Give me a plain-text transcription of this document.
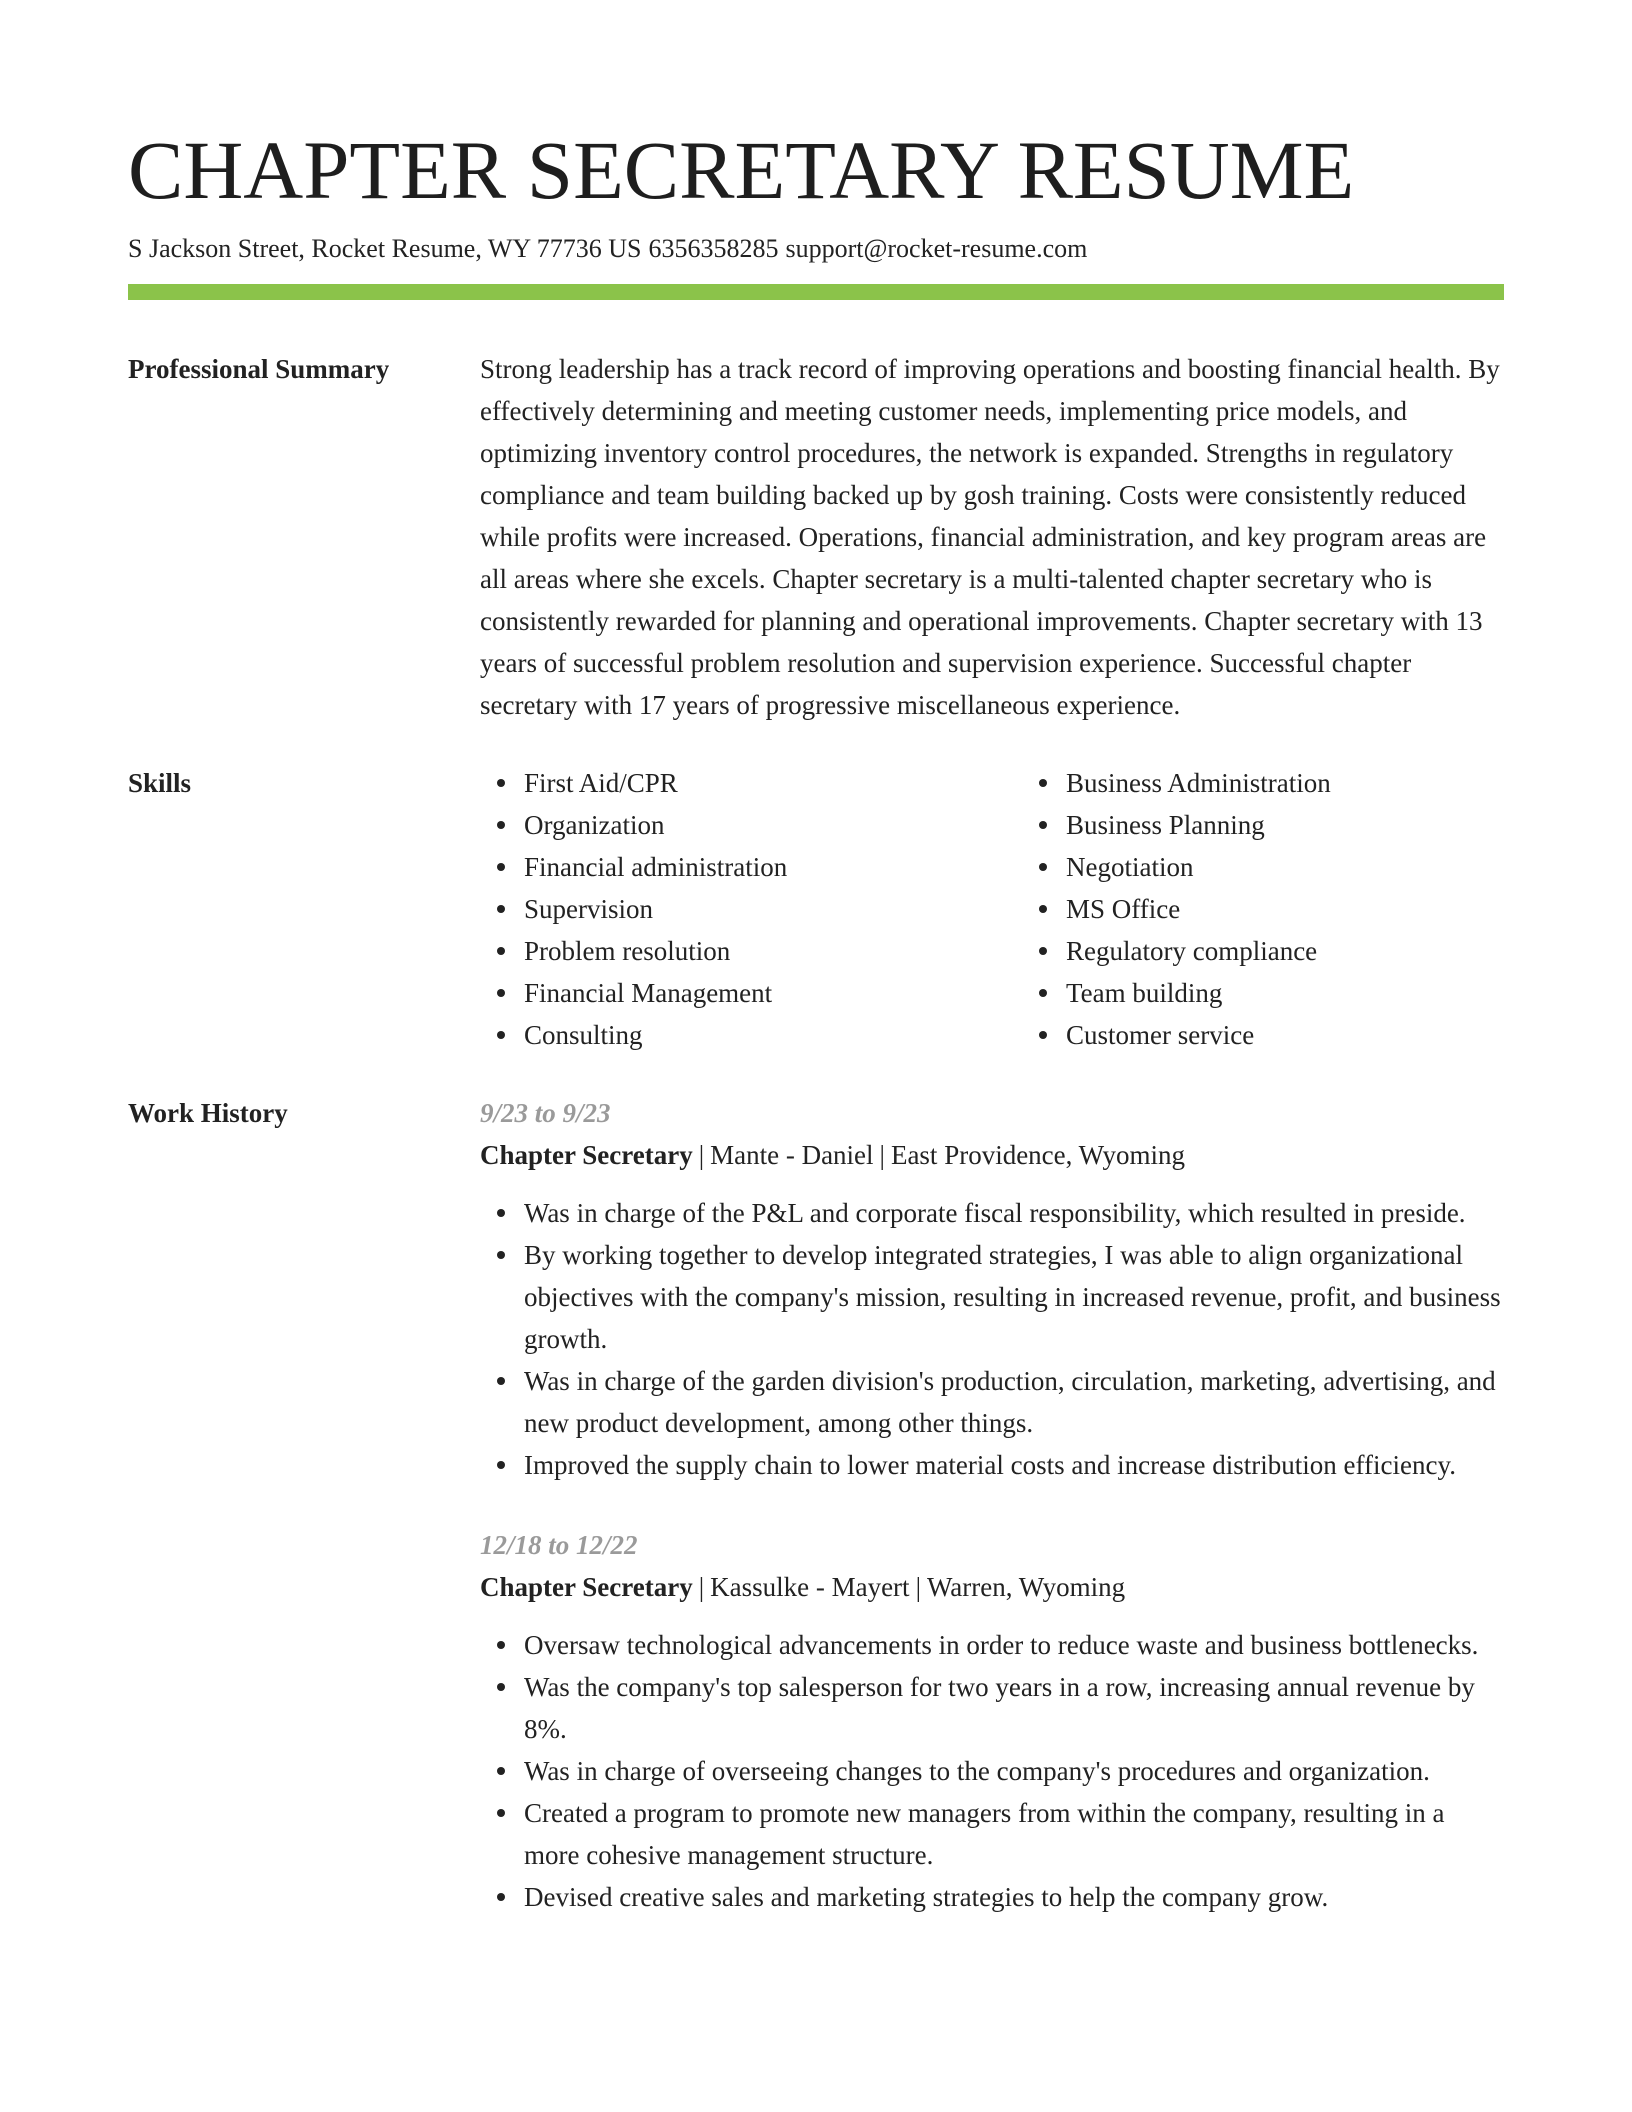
CHAPTER SECRETARY RESUME
S Jackson Street, Rocket Resume, WY 77736 US 6356358285 support@rocket-resume.com
Professional Summary	Strong leadership has a track record of improving operations and boosting financial health. By effectively determining and meeting customer needs, implementing price models, and optimizing inventory control procedures, the network is expanded. Strengths in regulatory compliance and team building backed up by gosh training. Costs were consistently reduced while profits were increased. Operations, financial administration, and key program areas are all areas where she excels. Chapter secretary is a multi-talented chapter secretary who is consistently rewarded for planning and operational improvements. Chapter secretary with 13 years of successful problem resolution and supervision experience. Successful chapter secretary with 17 years of progressive miscellaneous experience.

Skills	First Aid/CPR
Organization
Financial administration
Supervision
Problem resolution
Financial Management
Consulting
Business Administration
Business Planning
Negotiation
MS Office
Regulatory compliance
Team building
Customer service
Work History	9/23 to 9/23
Chapter Secretary | Mante - Daniel | East Providence, Wyoming
Was in charge of the P&L and corporate fiscal responsibility, which resulted in preside.
By working together to develop integrated strategies, I was able to align organizational objectives with the company's mission, resulting in increased revenue, profit, and business growth.
Was in charge of the garden division's production, circulation, marketing, advertising, and new product development, among other things.
Improved the supply chain to lower material costs and increase distribution efficiency.
12/18 to 12/22
Chapter Secretary | Kassulke - Mayert | Warren, Wyoming
Oversaw technological advancements in order to reduce waste and business bottlenecks.
Was the company's top salesperson for two years in a row, increasing annual revenue by 8%.
Was in charge of overseeing changes to the company's procedures and organization.
Created a program to promote new managers from within the company, resulting in a more cohesive management structure.
Devised creative sales and marketing strategies to help the company grow.
